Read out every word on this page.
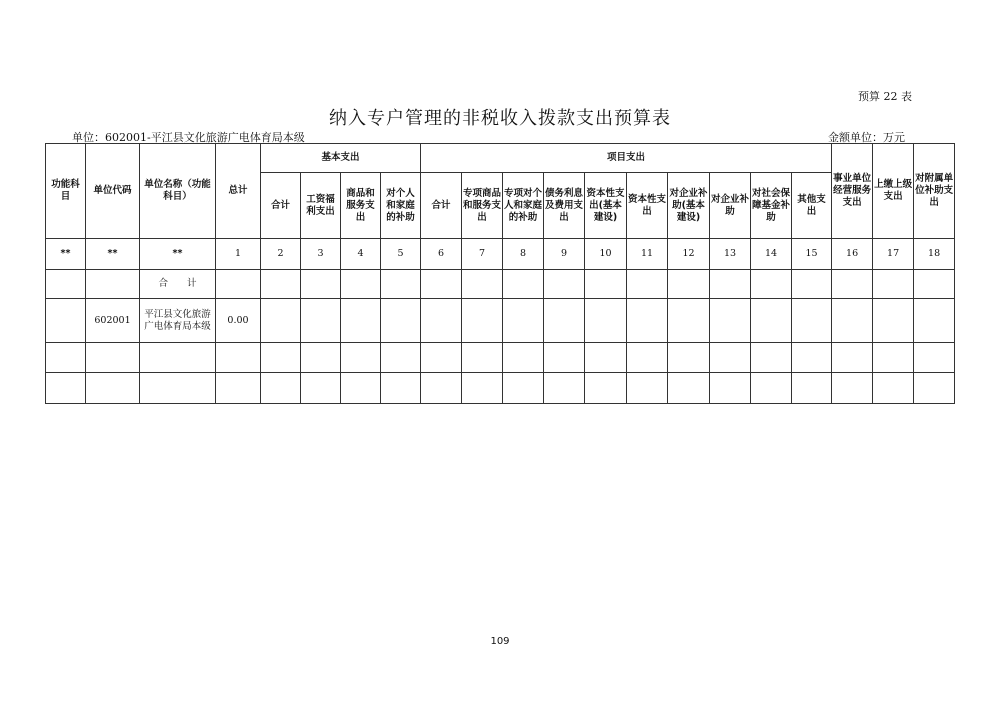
预算 22 表
纳入专户管理的非税收入拨款支出预算表
单位：602001-平江县文化旅游广电体育局本级	金额单位：万元
功能科目	单位代码	单位名称（功能科目）	总计	基本支出				项目支出										事业单位经营服务支出	上缴上级支出	对附属单位补助支出
				合计	工资福利支出	商品和服务支出	对个人和家庭的补助	合计	专项商品和服务支出	专项对个人和家庭的补助	债务利息及费用支出	资本性支出(基本建设)	资本性支出	对企业补助(基本建设)	对企业补助	对社会保障基金补助	其他支出			
**	**	**	1	2	3	4	5	6	7	8	9	10	11	12	13	14	15	16	17	18
		合　　计																		
	602001	平江县文化旅游广电体育局本级	0.00																	

109
